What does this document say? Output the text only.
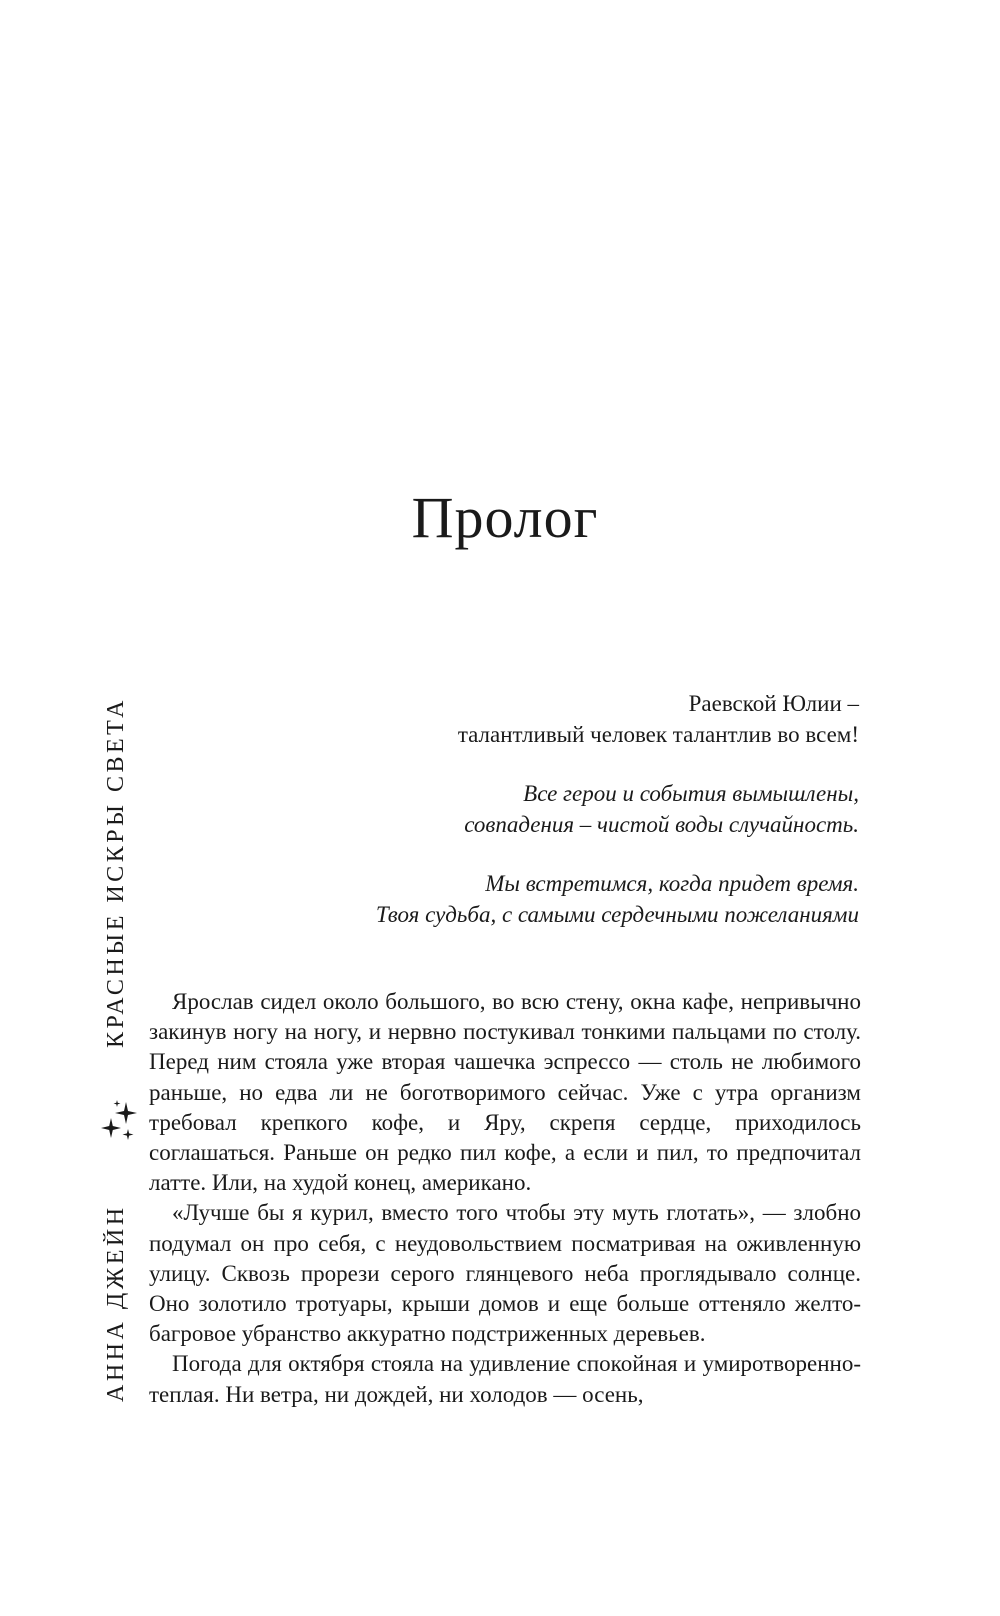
Пролог

Раевской Юлии –

талантливый человек талантлив во всем!

Все герои и события вымышлены,

совпадения – чистой воды случайность.

Мы встретимся, когда придет время.

Твоя судьба, с самыми сердечными пожеланиями

Ярослав сидел около большого, во всю стену, окна кафе, непривычно закинув ногу на ногу, и нервно постукивал тонкими пальцами по столу. Перед ним стояла уже вторая чашечка эспрессо — столь не любимого раньше, но едва ли не боготворимого сейчас. Уже с утра организм требовал крепкого кофе, и Яру, скрепя сердце, приходилось соглашаться. Раньше он редко пил кофе, а если и пил, то предпочитал латте. Или, на худой конец, американо.

«Лучше бы я курил, вместо того чтобы эту муть глотать», — злобно подумал он про себя, с неудовольствием посматривая на оживленную улицу. Сквозь прорези серого глянцевого неба проглядывало солнце. Оно золотило тротуары, крыши домов и еще больше оттеняло желто-багровое убранство аккуратно подстриженных деревьев.

Погода для октября стояла на удивление спокойная и умиротворенно-теплая. Ни ветра, ни дождей, ни холодов — осень,

КРАСНЫЕ ИСКРЫ СВЕТА
АННА ДЖЕЙН
